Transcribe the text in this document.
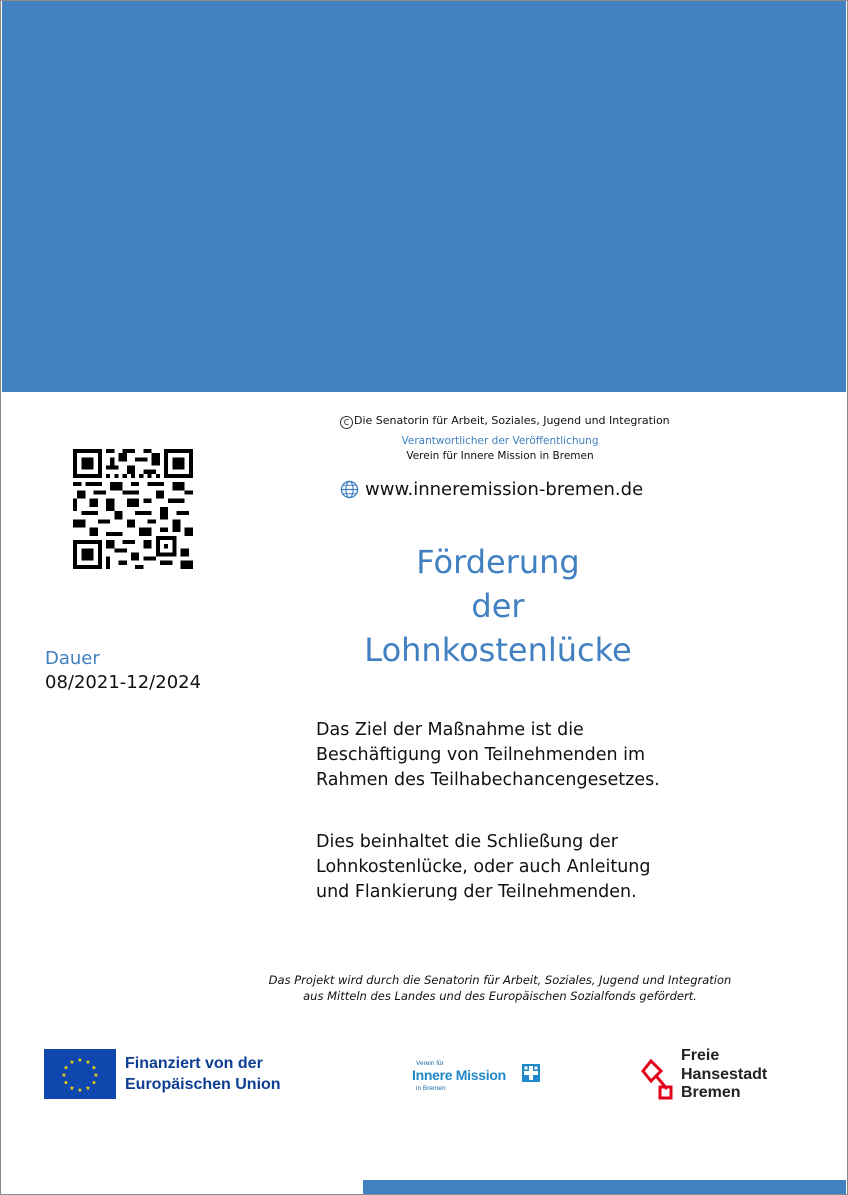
C Die Senatorin für Arbeit, Soziales, Jugend und Integration
Verantwortlicher der Veröffentlichung
Verein für Innere Mission in Bremen
www.inneremission-bremen.de
Förderung
der
Lohnkostenlücke
Dauer
08/2021-12/2024
Das Ziel der Maßnahme ist die Beschäftigung von Teilnehmenden im Rahmen des Teilhabechancengesetzes.
Dies beinhaltet die Schließung der Lohnkostenlücke, oder auch Anleitung und Flankierung der Teilnehmenden.
Das Projekt wird durch die Senatorin für Arbeit, Soziales, Jugend und Integration
aus Mitteln des Landes und des Europäischen Sozialfonds gefördert.
★ ★
★
★
★
★
★
★
★
★
★
★	Finanziert von der
Europäischen Union
Verein für
Innere Mission
in Bremen
Freie
Hansestadt
Bremen
